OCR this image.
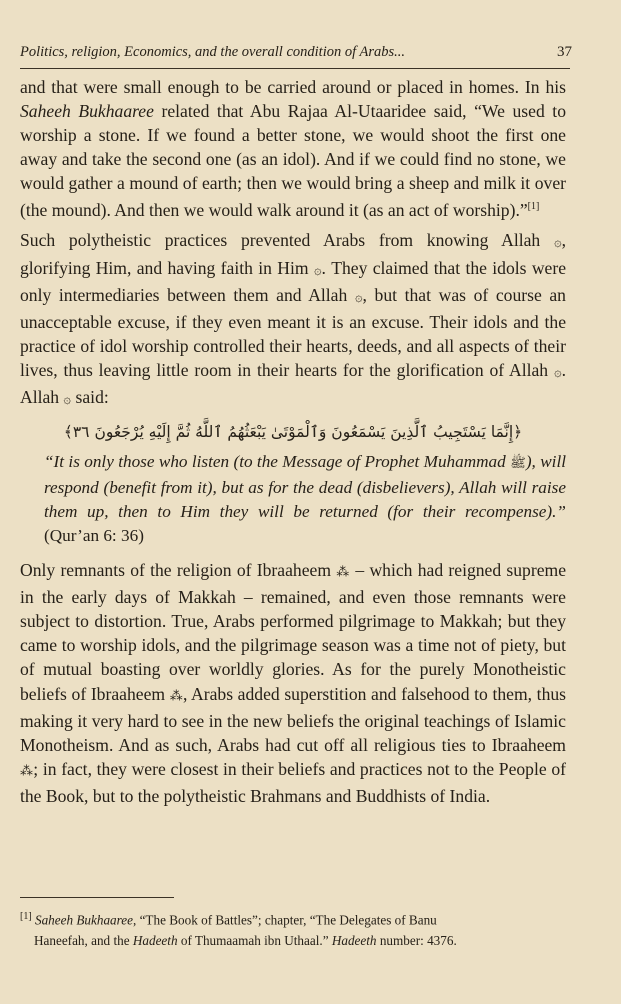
Politics, religion, Economics, and the overall condition of Arabs...	37

and that were small enough to be carried around or placed in homes. In his Saheeh Bukhaaree related that Abu Rajaa Al-Utaaridee said, “We used to worship a stone. If we found a better stone, we would shoot the first one away and take the second one (as an idol). And if we could find no stone, we would gather a mound of earth; then we would bring a sheep and milk it over (the mound). And then we would walk around it (as an act of worship).”[1]

Such polytheistic practices prevented Arabs from knowing Allah ۞, glorifying Him, and having faith in Him ۞. They claimed that the idols were only intermediaries between them and Allah ۞, but that was of course an unacceptable excuse, if they even meant it is an excuse. Their idols and the practice of idol worship controlled their hearts, deeds, and all aspects of their lives, thus leaving little room in their hearts for the glorification of Allah ۞. Allah ۞ said:

﴿إِنَّمَا يَسْتَجِيبُ ٱلَّذِينَ يَسْمَعُونَ وَٱلْمَوْتَىٰ يَبْعَثُهُمُ ٱللَّهُ ثُمَّ إِلَيْهِ يُرْجَعُونَ ٣٦﴾
“It is only those who listen (to the Message of Prophet Muhammad ﷺ), will respond (benefit from it), but as for the dead (disbelievers), Allah will raise them up, then to Him they will be returned (for their recompense).” (Qur’an 6: 36)

Only remnants of the religion of Ibraaheem ⁂ – which had reigned supreme in the early days of Makkah – remained, and even those remnants were subject to distortion. True, Arabs performed pilgrimage to Makkah; but they came to worship idols, and the pilgrimage season was a time not of piety, but of mutual boasting over worldly glories. As for the purely Monotheistic beliefs of Ibraaheem ⁂, Arabs added superstition and falsehood to them, thus making it very hard to see in the new beliefs the original teachings of Islamic Monotheism. And as such, Arabs had cut off all religious ties to Ibraaheem ⁂; in fact, they were closest in their beliefs and practices not to the People of the Book, but to the polytheistic Brahmans and Buddhists of India.

[1] Saheeh Bukhaaree, “The Book of Battles”; chapter, “The Delegates of Banu
Haneefah, and the Hadeeth of Thumaamah ibn Uthaal.” Hadeeth number: 4376.
